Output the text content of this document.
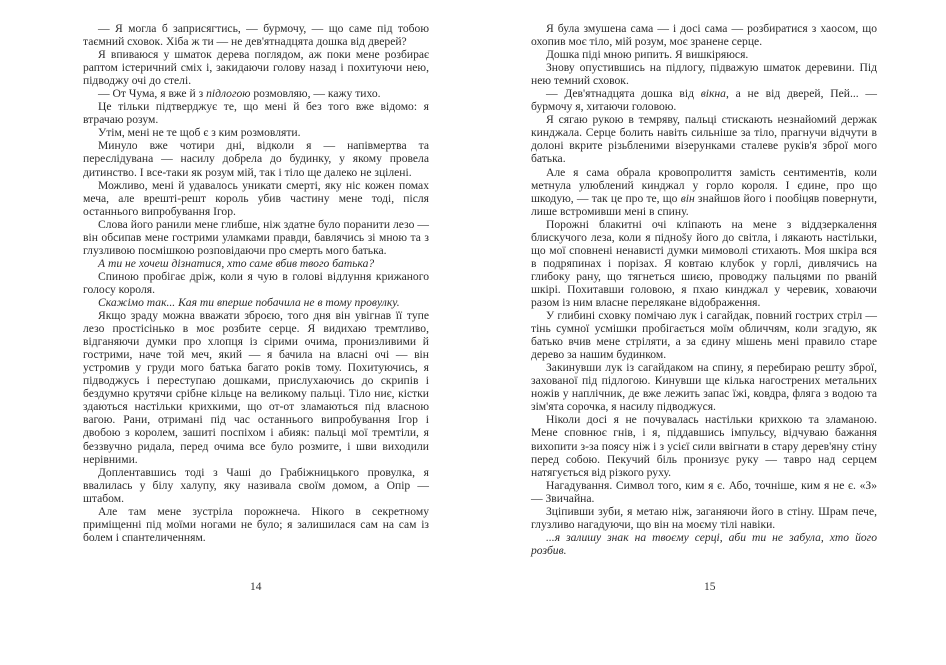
— Я могла б заприсягтись, — бурмочу, — що саме під тобою таємний сховок. Хіба ж ти — не дев'ятнадцята дошка від дверей?

Я впиваюся у шматок дерева поглядом, аж поки мене розбирає раптом істеричний сміх і, закидаючи голову назад і похитуючи нею, підводжу очі до стелі.

— От Чума, я вже й з підлогою розмовляю, — кажу тихо.

Це тільки підтверджує те, що мені й без того вже відомо: я втрачаю розум.

Утім, мені не те щоб є з ким розмовляти.

Минуло вже чотири дні, відколи я — напівмертва та переслідувана — насилу добрела до будинку, у якому провела дитинство. І все-таки як розум мій, так і тіло ще далеко не зцілені.

Можливо, мені й удавалось уникати смерті, яку ніс кожен помах меча, але врешті-решт король убив частину мене тоді, після останнього випробування Ігор.

Слова його ранили мене глибше, ніж здатне було поранити лезо — він обсипав мене гострими уламками правди, бавлячись зі мною та з глузливою посмішкою розповідаючи про смерть мого батька.

А ти не хочеш дізнатися, хто саме вбив твого батька?

Спиною пробігає дріж, коли я чую в голові відлуння крижаного голосу короля.

Скажімо так... Кая ти вперше побачила не в тому провулку.

Якщо зраду можна вважати зброєю, того дня він увігнав її тупе лезо простісінько в моє розбите серце. Я видихаю тремтливо, відганяючи думки про хлопця із сірими очима, пронизливими й гострими, наче той меч, який — я бачила на власні очі — він устромив у груди мого батька багато років тому. Похитуючись, я підводжусь і переступаю дошками, прислухаючись до скрипів і бездумно крутячи срібне кільце на великому пальці. Тіло ниє, кістки здаються настільки крихкими, що от-от зламаються під власною вагою. Рани, отримані під час останнього випробування Ігор і двобою з королем, зашиті поспіхом і абияк: пальці мої тремтіли, я беззвучно ридала, перед очима все було розмите, і шви виходили нерівними.

Доплентавшись тоді з Чаші до Грабіжницького провулка, я ввалилась у білу халупу, яку називала своїм домом, а Опір — штабом.

Але там мене зустріла порожнеча. Нікого в секретному приміщенні під моїми ногами не було; я залишилася сам на сам із болем і спантеличенням.

Я була змушена сама — і досі сама — розбиратися з хаосом, що охопив моє тіло, мій розум, моє зранене серце.

Дошка піді мною рипить. Я вишкіряюся.

Знову опустившись на підлогу, підважую шматок деревини. Під нею темний сховок.

— Дев'ятнадцята дошка від вікна, а не від дверей, Пей... — бурмочу я, хитаючи головою.

Я сягаю рукою в темряву, пальці стискають незнайомий держак кинджала. Серце болить навіть сильніше за тіло, прагнучи відчути в долоні вкрите різьбленими візерунками сталеве руків'я зброї мого батька.

Але я сама обрала кровопролиття замість сентиментів, коли метнула улюблений кинджал у горло короля. І єдине, про що шкодую, — так це про те, що він знайшов його і пообіцяв повернути, лише встромивши мені в спину.

Порожні блакитні очі кліпають на мене з віддзеркалення блискучого леза, коли я піднošу його до світла, і лякають настільки, що мої сповнені ненависті думки мимоволі стихають. Моя шкіра вся в подряпинах і порізах. Я ковтаю клубок у горлі, дивлячись на глибоку рану, що тягнеться шиєю, проводжу пальцями по рваній шкірі. Похитавши головою, я пхаю кинджал у черевик, ховаючи разом із ним власне переляканe відображення.

У глибині сховку помічаю лук і сагайдак, повний гострих стріл — тінь сумної усмішки пробігається моїм обличчям, коли згадую, як батько вчив мене стріляти, а за єдину мішень мені правило старе дерево за нашим будинком.

Закинувши лук із сагайдаком на спину, я перебираю решту зброї, захованої під підлогою. Кинувши ще кілька нагострених метальних ножів у наплічник, де вже лежить запас їжі, ковдра, фляга з водою та зім'ята сорочка, я насилу підводжуся.

Ніколи досі я не почувалась настільки крихкою та зламаною. Мене сповнює гнів, і я, піддавшись імпульсу, відчуваю бажання вихопити з-за поясу ніж і з усієї сили ввігнати в стару дерев'яну стіну перед собою. Пекучий біль пронизує руку — тавро над серцем натягується від різкого руху.

Нагадування. Символ того, ким я є. Або, точніше, ким я не є. «З» — Звичайна.

Зціпивши зуби, я метаю ніж, заганяючи його в стіну. Шрам пече, глузливо нагадуючи, що він на моєму тілі навіки.

...я залишу знак на твоєму серці, аби ти не забула, хто його розбив.

14	15
